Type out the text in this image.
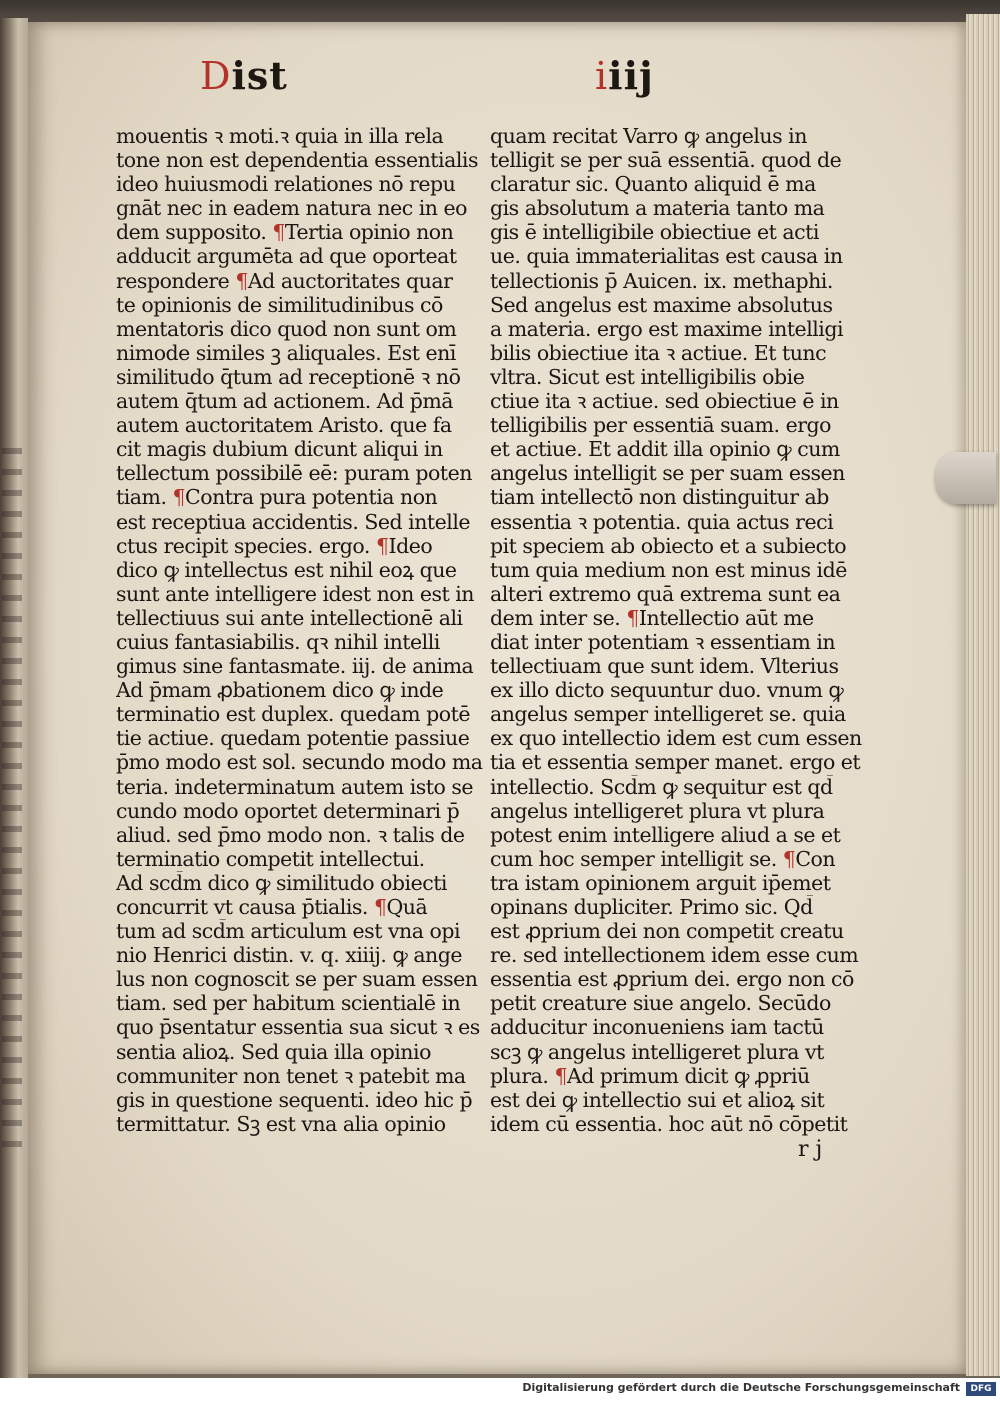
Dist	iiij
mouentis ꝛ moti.ꝛ quia in illa rela
tone non est dependentia essentialis
ideo huiusmodi relationes nō repu
gnāt nec in eadem natura nec in eo
dem supposito. ¶Tertia opinio non
adducit argumēta ad que oporteat
respondere ¶Ad auctoritates quar
te opinionis de similitudinibus cō
mentatoris dico quod non sunt om
nimode similes ꝫ aliquales. Est enī
similitudo q̄tum ad receptionē ꝛ nō
autem q̄tum ad actionem. Ad p̄mā
autem auctoritatem Aristo. que fa
cit magis dubium dicunt aliqui in
tellectum possibilē eē: puram poten
tiam. ¶Contra pura potentia non
est receptiua accidentis. Sed intelle
ctus recipit species. ergo. ¶Ideo
dico ꝙ intellectus est nihil eoꝝ que
sunt ante intelligere idest non est in
tellectiuus sui ante intellectionē ali
cuius fantasiabilis. qꝛ nihil intelli
gimus sine fantasmate. iij. de anima
Ad p̄mam ꝓbationem dico ꝙ inde
terminatio est duplex. quedam potē
tie actiue. quedam potentie passiue
p̄mo modo est sol. secundo modo ma
teria. indeterminatum autem isto se
cundo modo oportet determinari p̄
aliud. sed p̄mo modo non. ꝛ talis de
terminatio competit intellectui.
Ad scd̄m dico ꝙ similitudo obiecti
concurrit vt causa p̄tialis. ¶Quā
tum ad scd̄m articulum est vna opi
nio Henrici distin. v. q. xiiij. ꝙ ange
lus non cognoscit se per suam essen
tiam. sed per habitum scientialē in
quo p̄sentatur essentia sua sicut ꝛ es
sentia alioꝝ. Sed quia illa opinio
communiter non tenet ꝛ patebit ma
gis in questione sequenti. ideo hic p̄
termittatur. Sꝫ est vna alia opinio
quam recitat Varro ꝙ angelus in
telligit se per suā essentiā. quod de
claratur sic. Quanto aliquid ē ma
gis absolutum a materia tanto ma
gis ē intelligibile obiectiue et acti
ue. quia immaterialitas est causa in
tellectionis p̄ Auicen. ix. methaphi.
Sed angelus est maxime absolutus
a materia. ergo est maxime intelligi
bilis obiectiue ita ꝛ actiue. Et tunc
vltra. Sicut est intelligibilis obie
ctiue ita ꝛ actiue. sed obiectiue ē in
telligibilis per essentiā suam. ergo
et actiue. Et addit illa opinio ꝙ cum
angelus intelligit se per suam essen
tiam intellectō non distinguitur ab
essentia ꝛ potentia. quia actus reci
pit speciem ab obiecto et a subiecto
tum quia medium non est minus idē
alteri extremo quā extrema sunt ea
dem inter se. ¶Intellectio aūt me
diat inter potentiam ꝛ essentiam in
tellectiuam que sunt idem. Vlterius
ex illo dicto sequuntur duo. vnum ꝙ
angelus semper intelligeret se. quia
ex quo intellectio idem est cum essen
tia et essentia semper manet. ergo et
intellectio. Scd̄m ꝙ sequitur est qd̄
angelus intelligeret plura vt plura
potest enim intelligere aliud a se et
cum hoc semper intelligit se. ¶Con
tra istam opinionem arguit ip̄emet
opinans dupliciter. Primo sic. Qd̄
est ꝓprium dei non competit creatu
re. sed intellectionem idem esse cum
essentia est ꝓprium dei. ergo non cō
petit creature siue angelo. Secūdo
adducitur inconueniens iam tactū
scꝫ ꝙ angelus intelligeret plura vt
plura. ¶Ad primum dicit ꝙ ꝓpriū
est dei ꝙ intellectio sui et alioꝝ sit
idem cū essentia. hoc aūt nō cōpetit
r j
Digitalisierung gefördert durch die Deutsche Forschungsgemeinschaft	DFG
